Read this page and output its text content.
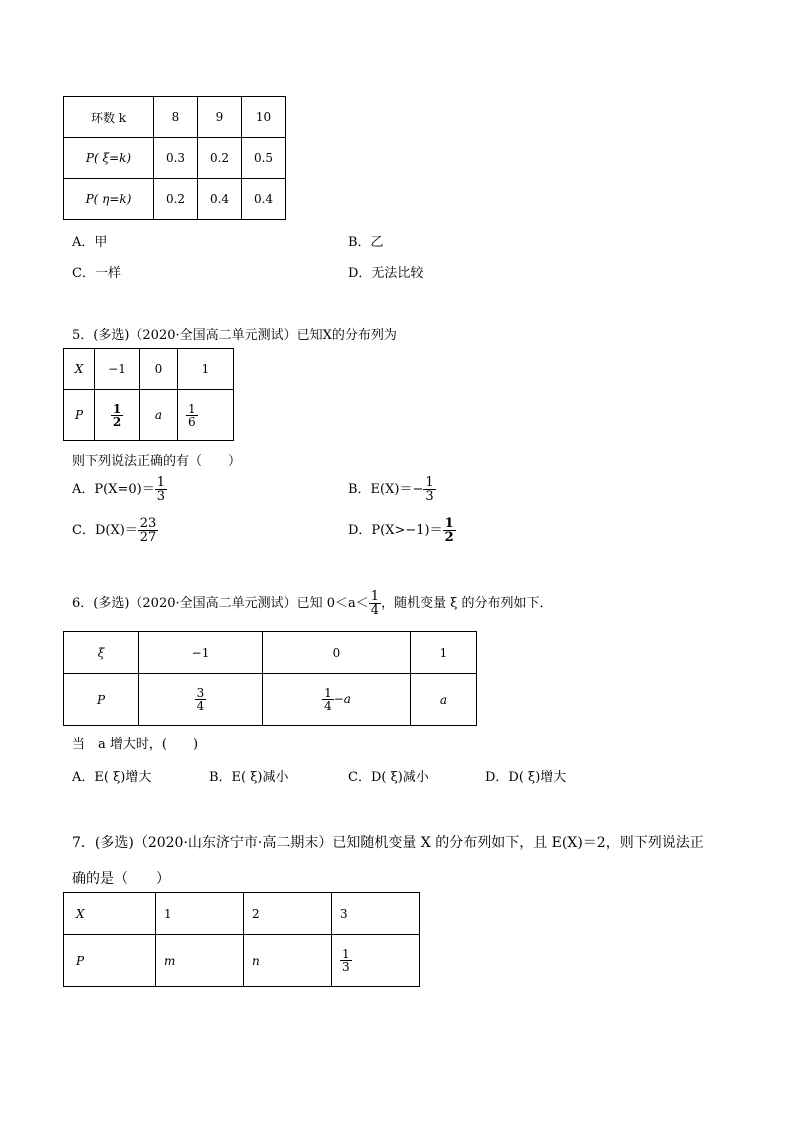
环数 k	8	9	10
P( ξ=k)	0.3	0.2	0.5
P( η=k)	0.2	0.4	0.4
A．甲	B．乙
C．一样	D．无法比较
5．(多选)（2020·全国高二单元测试）已知X的分布列为
X	−1	0	1
P	$\frac{1}{2}$	a	$\frac{1}{6}$
则下列说法正确的有（　　）
A．$P(X=0)= \frac{1}{3}$	B．$E(X)=- \frac{1}{3}$
C．$D(X)= \frac{23}{27}$	D．$P(X>-1)= \frac{1}{2}$
6．(多选)（2020·全国高二单元测试）已知 $0<a< \frac{1}{4}$ ，随机变量 ξ 的分布列如下．
ξ	−1	0	1
P	$\frac{3}{4}$	$\frac{1}{4} -a$	a
当　a 增大时，(　　)
A．E( ξ)增大	B．E( ξ)减小	C．D( ξ)减小	D．D( ξ)增大
7．(多选)（2020·山东济宁市·高二期末）已知随机变量 X 的分布列如下，且 E(X)＝2，则下列说法正
确的是（　　）
X	1	2	3
P	m	n	$\frac{1}{3}$
